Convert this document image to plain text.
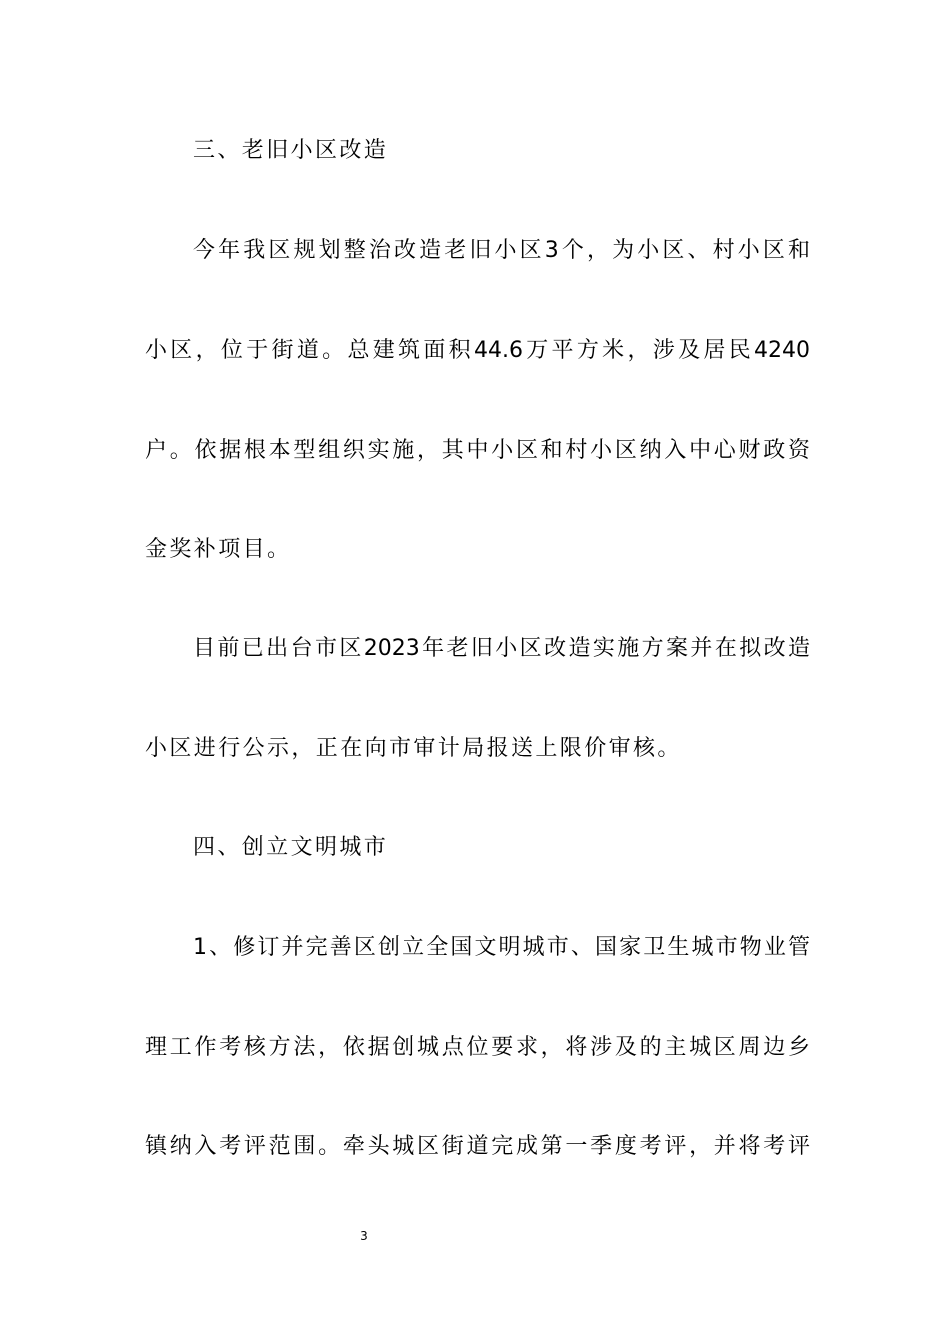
三、老旧小区改造
今年我区规划整治改造老旧小区3个，为小区、村小区和
小区，位于街道。总建筑面积44.6万平方米，涉及居民4240
户。依据根本型组织实施，其中小区和村小区纳入中心财政资
金奖补项目。
目前已出台市区2023年老旧小区改造实施方案并在拟改造
小区进行公示，正在向市审计局报送上限价审核。
四、创立文明城市
1、修订并完善区创立全国文明城市、国家卫生城市物业管
理工作考核方法，依据创城点位要求，将涉及的主城区周边乡
镇纳入考评范围。牵头城区街道完成第一季度考评，并将考评
3
